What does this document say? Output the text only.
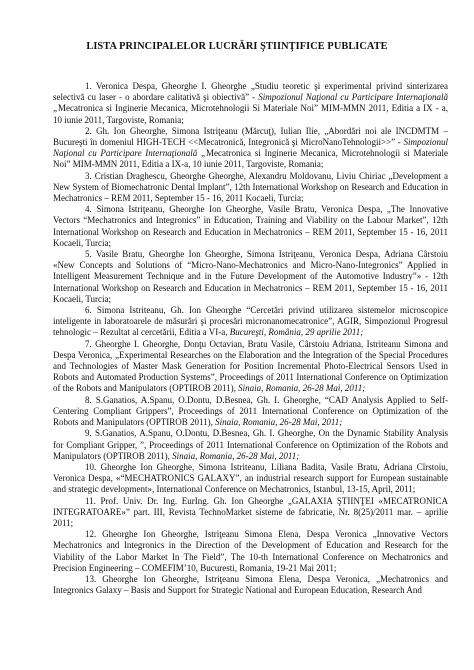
LISTA PRINCIPALELOR LUCRĂRI ŞTIINŢIFICE PUBLICATE
1. Veronica Despa, Gheorghe I. Gheorghe „Studiu teoretic şi experimental privind sinterizarea selectivă cu laser - o abordare calitativă şi obiectivă” - Simpozionul Naţional cu Participare Internaţională „Mecatronica si Inginerie Mecanica, Microtehnologii Si Materiale Noi” MIM-MMN 2011, Editia a IX - a, 10 iunie 2011, Targoviste, Romania;
2. Gh. Ion Gheorghe, Simona Istriţeanu (Mărcuţ), Iulian Ilie, „Abordări noi ale INCDMTM – Bucureşti în domeniul HIGH-TECH <<Mecatronică, Integronică şi MicroNanoTehnologii>>” - Simpozionul Naţional cu Participare Internaţională „Mecatronica si Inginerie Mecanica, Microtehnologii si Materiale Noi” MIM-MMN 2011, Editia a IX-a, 10 iunie 2011, Targoviste, Romania;
3. Cristian Draghescu, Gheorghe Gheorghe, Alexandru Moldovanu, Liviu Chiriac „Development a New System of Biomechatronic Dental Implant”, 12th International Workshop on Research and Education in Mechatronics – REM 2011, September 15 - 16, 2011 Kocaeli, Turcia;
4. Simona Istriţeanu, Gheorghe Ion Gheorghe, Vasile Bratu, Veronica Despa, „The Innovative Vectors “Mechatronics and Integronics” in Education, Training and Viability on the Labour Market”, 12th International Workshop on Research and Education in Mechatronics – REM 2011, September 15 - 16, 2011 Kocaeli, Turcia;
5. Vasile Bratu, Gheorghe Ion Gheorghe, Simona Istriţeanu, Veronica Despa, Adriana Cârstoiu «New Concepts and Solutions of “Micro-Nano-Mechatronics and Micro-Nano-Integronics” Applied in Intelligent Measurement Technique and in the Future Development of the Automotive Industry”» - 12th International Workshop on Research and Education in Mechatronics – REM 2011, September 15 - 16, 2011 Kocaeli, Turcia;
6. Simona Istriteanu, Gh. Ion Gheorghe “Cercetări privind utilizarea sistemelor microscopice inteligente in laboratoarele de măsurări şi procesări micronanomecatronice”, AGIR, Simpozionul Progresul tehnologic – Rezultat al cercetării, Editia a VI-a, Bucureşti, România, 29 aprilie 2011;
7. Gheorghe I. Gheorghe, Donţu Octavian, Bratu Vasile, Cârstoiu Adriana, Istriteanu Simona and Despa Veronica, „Experimental Researches on the Elaboration and the Integration of the Special Procedures and Technologies of Master Mask Generation for Position Incremental Photo-Electrical Sensors Used in Robots and Automated Production Systems”, Proceedings of 2011 International Conference on Optimization of the Robots and Manipulators (OPTIROB 2011), Sinaia, Romania, 26-28 Mai, 2011;
8. S.Ganatios, A.Spanu, O.Dontu, D.Besnea, Gh. I. Gheorghe, “CAD Analysis Applied to Self-Centering Compliant Grippers”, Proceedings of 2011 International Conference on Optimization of the Robots and Manipulators (OPTIROB 2011), Sinaia, Romania, 26-28 Mai, 2011;
9. S.Ganatios, A.Spanu, O.Dontu, D.Besnea, Gh. I. Gheorghe, On the Dynamic Stability Analysis for Compliant Gripper, ”, Proceedings of 2011 International Conference on Optimization of the Robots and Manipulators (OPTIROB 2011), Sinaia, Romania, 26-28 Mai, 2011;
10. Gheorghe Ion Gheorghe, Simona Istriteanu, Liliana Badita, Vasile Bratu, Adriana Cîrstoiu, Veronica Despa, «“MECHATRONICS GALAXY”, an industrial research support for European sustainable and strategic development», International Conference on Mechatronics, Istanbul, 13-15, April, 2011;
11. Prof. Univ. Dr. Ing. EurIng. Gh. Ion Gheorghe „GALAXIA ŞTIINŢEI «MECATRONICA INTEGRATOARE»” part. III, Revista TechnoMarket sisteme de fabricatie, Nr. 8(25)/2011 mar. – aprilie 2011;
12. Gheorghe Ion Gheorghe, Istriţeanu Simona Elena, Despa Veronica „Innovative Vectors Mechatronics and Integronics in the Direction of the Development of Education and Research for the Viability of the Labor Market In The Field”, The 10-th International Conference on Mechatronics and Precision Engineering – COMEFIM’10, Bucuresti, Romania, 19-21 Mai 2011;
13. Gheorghe Ion Gheorghe, Istriţeanu Simona Elena, Despa Veronica, „Mechatronics and Integronics Galaxy – Basis and Support for Strategic National and European Education, Research And
